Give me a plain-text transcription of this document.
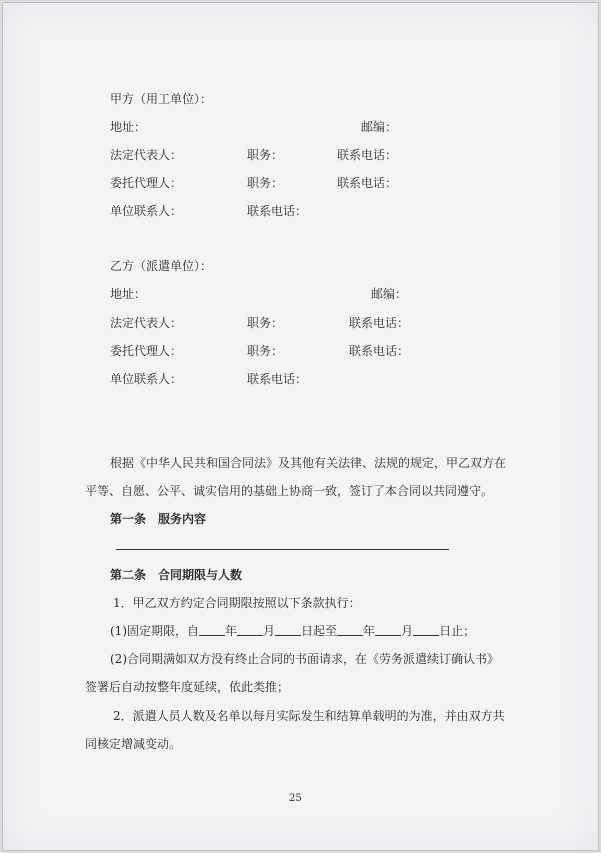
甲方（用工单位）：
地址：	邮编：
法定代表人：	职务：	联系电话：
委托代理人：	职务：	联系电话：
单位联系人：	联系电话：
乙方（派遣单位）：
地址：	邮编：
法定代表人：	职务：	联系电话：
委托代理人：	职务：	联系电话：
单位联系人：	联系电话：
根据《中华人民共和国合同法》及其他有关法律、法规的规定，甲乙双方在
平等、自愿、公平、诚实信用的基础上协商一致，签订了本合同以共同遵守。
第一条　服务内容
第二条　合同期限与人数
1．甲乙双方约定合同期限按照以下条款执行：
(1)固定期限，自 年 月 日起至 年 月 日止；
(2)合同期满如双方没有终止合同的书面请求，在《劳务派遣续订确认书》
签署后自动按整年度延续，依此类推；
2．派遣人员人数及名单以每月实际发生和结算单载明的为准，并由双方共
同核定增减变动。
25
